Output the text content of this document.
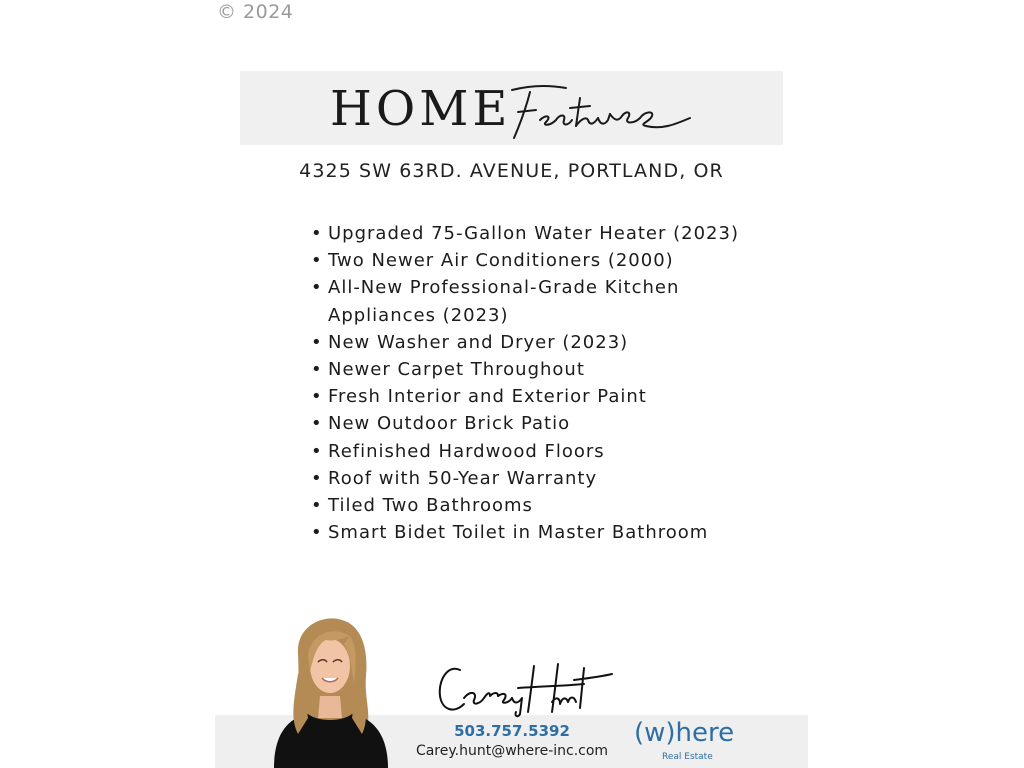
© 2024
HOME
4325 SW 63RD. AVENUE, PORTLAND, OR
• Upgraded 75-Gallon Water Heater (2023)
• Two Newer Air Conditioners (2000)
• All-New Professional-Grade Kitchen Appliances (2023)
• New Washer and Dryer (2023)
• Newer Carpet Throughout
• Fresh Interior and Exterior Paint
• New Outdoor Brick Patio
• Refinished Hardwood Floors
• Roof with 50-Year Warranty
• Tiled Two Bathrooms
• Smart Bidet Toilet in Master Bathroom
503.757.5392
Carey.hunt@where-inc.com
(w)here
Real Estate
